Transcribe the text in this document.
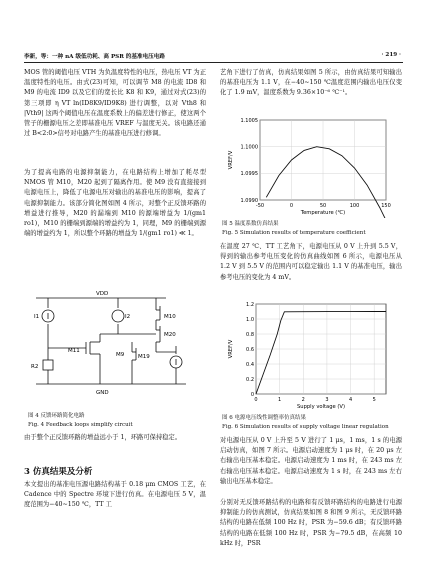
李新，等：一种 nA 级低功耗、高 PSR 的基准电压电路	· 219 ·

MOS 管的阈值电压 VTH 为负温度特性的电压，热电压 VT 为正温度特性的电压。由式(23)可知，可以调节 M8 的电流 ID8 和 M9 的电流 ID9 以及它们的宽长比 K8 和 K9，通过对式(23)的第三项即 η VT ln(ID8K9/ID9K8) 进行调整，以对 Vth8 和 |Vth9| 这两个阈值电压在温度系数上的偏差进行修正，使这两个管子的栅源电压之差即基准电压 VREF 与温度无关。该电路还通过 B<2:0>信号对电路产生的基准电压进行修调。

为了提高电路的电源抑制能力，在电路结构上增加了耗尽型 NMOS 管 M10，M20 起到了隔离作用。使 M9 没有直接接到电源电压上，降低了电源电压对输出的基准电压的影响，提高了电源抑制能力。该部分简化图如图 4 所示，对整个正反馈环路的增益进行推导，M20 的漏端到 M10 的源端增益为 1/(gm1 ro1)，M10 的栅端到源端的增益约为 1，同理，M9 的栅端到源端的增益约为 1，所以整个环路的增益为 1/(gm1 ro1) ≪ 1。

VDD
GND
I1	I2
R2
M10
M20
M9	M19
M11
图 4 反馈环路简化电路
Fig. 4 Feedback loops simplify circuit

由于整个正反馈环路的增益远小于 1，环路可保持稳定。

3 仿真结果及分析

本文提出的基准电压源电路结构基于 0.18 μm CMOS 工艺，在 Cadence 中的 Spectre 环境下进行仿真。在电源电压 5 V，温度范围为−40~150 ℃，TT 工

艺角下进行了仿真，仿真结果如图 5 所示，由仿真结果可知输出的基准电压为 1.1 V，在−40~150 ℃温度范围内输出电压仅变化了 1.9 mV，温度系数为 9.36×10⁻⁶ ℃⁻¹。

-50	0	50	100	150
1.0990
1.0995
1.1000
1.1005
Temperature (℃)
VREF/V
图 5 温度系数仿真结果
Fig. 5 Simulation results of temperature coefficient

在温度 27 ℃、TT 工艺角下，电源电压从 0 V 上升到 5.5 V，得到的输出参考电压变化的仿真曲线如图 6 所示，电源电压从 1.2 V 到 5.5 V 的范围内可以稳定输出 1.1 V 的基准电压，输出参考电压的变化为 4 mV。

0	1	2	3	4	5
0
0.2
0.4
0.6
0.8
1.0
1.2
Supply voltage (V)
VREF/V
图 6 电源电压线性调整率仿真结果
Fig. 6 Simulation results of supply voltage linear regulation

对电源电压从 0 V 上升至 5 V 进行了 1 μs，1 ms，1 s 的电源启动仿真，如图 7 所示。电源启动速度为 1 μs 时，在 20 μs 左右输出电压基本稳定。电源启动速度为 1 ms 时，在 243 ms 左右输出电压基本稳定。电源启动速度为 1 s 时，在 243 ms 左右输出电压基本稳定。

分别对无反馈环路结构的电路和有反馈环路结构的电路进行电源抑制能力的仿真测试，仿真结果如图 8 和图 9 所示，无反馈环路结构的电路在低频 100 Hz 时，PSR 为−59.6 dB；有反馈环路结构的电路在低频 100 Hz 时，PSR 为−79.5 dB，在高频 10 kHz 时，PSR
